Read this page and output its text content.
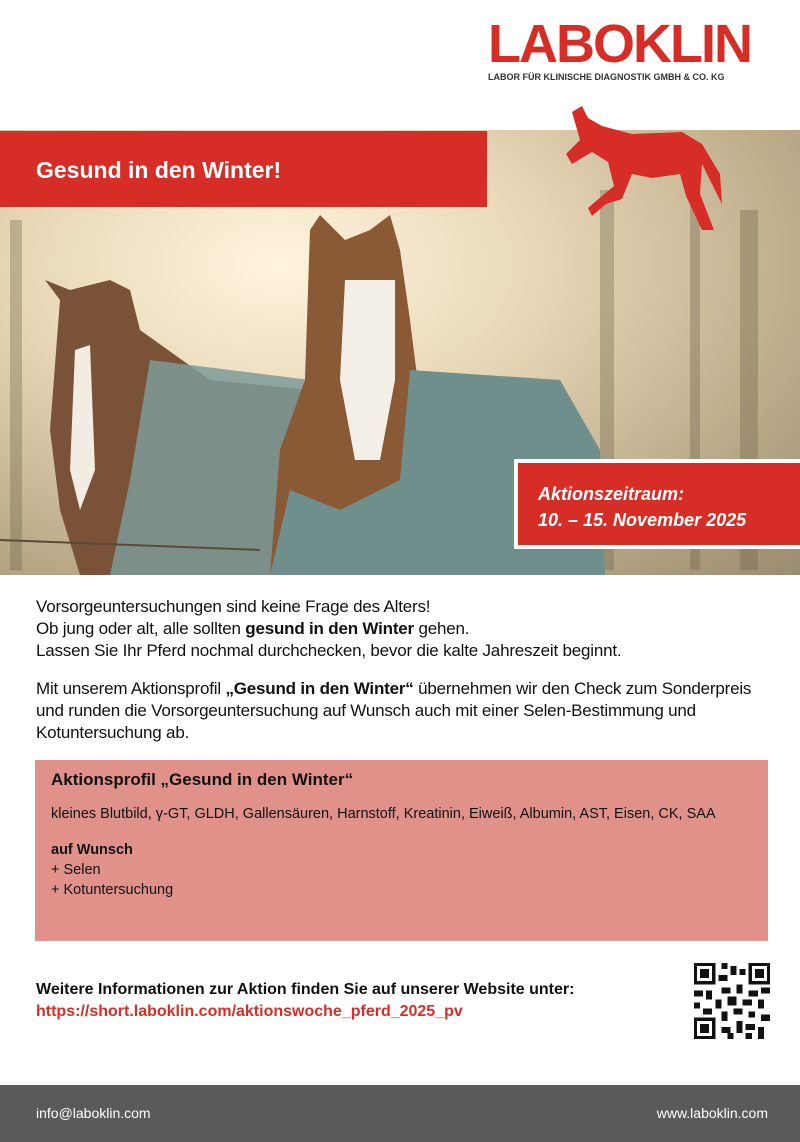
LABOKLIN
LABOR FÜR KLINISCHE DIAGNOSTIK GMBH & CO. KG
Gesund in den Winter!
Aktionszeitraum:
10. – 15. November 2025

Vorsorgeuntersuchungen sind keine Frage des Alters!
Ob jung oder alt, alle sollten gesund in den Winter gehen.
Lassen Sie Ihr Pferd nochmal durchchecken, bevor die kalte Jahreszeit beginnt.

Mit unserem Aktionsprofil „Gesund in den Winter“ übernehmen wir den Check zum Sonderpreis und runden die Vorsorgeuntersuchung auf Wunsch auch mit einer Selen-Bestimmung und Kotuntersuchung ab.

Aktionsprofil „Gesund in den Winter“
kleines Blutbild, γ-GT, GLDH, Gallensäuren, Harnstoff, Kreatinin, Eiweiß, Albumin, AST, Eisen, CK, SAA
auf Wunsch
+ Selen
+ Kotuntersuchung
Weitere Informationen zur Aktion finden Sie auf unserer Website unter:
https://short.laboklin.com/aktionswoche_pferd_2025_pv
info@laboklin.com	www.laboklin.com
